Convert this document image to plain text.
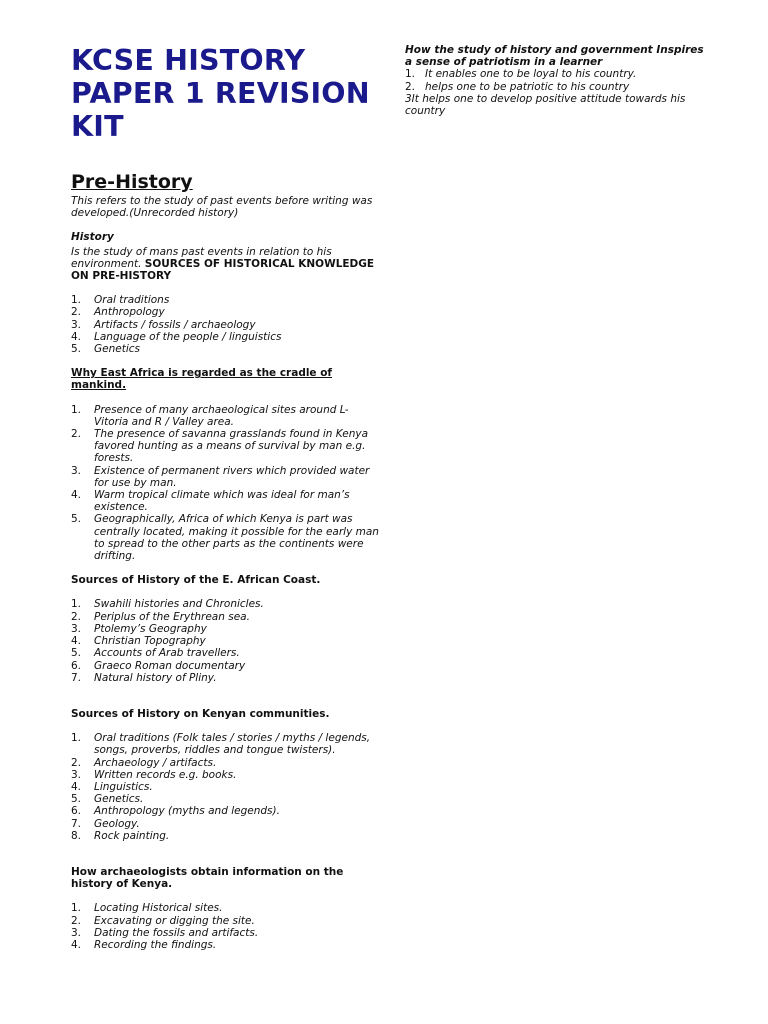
KCSE HISTORY
PAPER 1 REVISION
KIT
Pre-History

This refers to the study of past events before writing was developed.(Unrecorded history)

History

Is the study of mans past events in relation to his environment. SOURCES OF HISTORICAL KNOWLEDGE ON PRE-HISTORY

1. Oral traditions
2. Anthropology
3. Artifacts / fossils / archaeology
4. Language of the people / linguistics
5. Genetics

Why East Africa is regarded as the cradle of mankind.

1. Presence of many archaeological sites around L- Vitoria and R / Valley area.
2. The presence of savanna grasslands found in Kenya favored hunting as a means of survival by man e.g. forests.
3. Existence of permanent rivers which provided water for use by man.
4. Warm tropical climate which was ideal for man’s existence.
5. Geographically, Africa of which Kenya is part was centrally located, making it possible for the early man to spread to the other parts as the continents were drifting.

Sources of History of the E. African Coast.

1. Swahili histories and Chronicles.
2. Periplus of the Erythrean sea.
3. Ptolemy’s Geography
4. Christian Topography
5. Accounts of Arab travellers.
6. Graeco Roman documentary
7. Natural history of Pliny.

Sources of History on Kenyan communities.

1. Oral traditions (Folk tales / stories / myths / legends, songs, proverbs, riddles and tongue twisters).
2. Archaeology / artifacts.
3. Written records e.g. books.
4. Linguistics.
5. Genetics.
6. Anthropology (myths and legends).
7. Geology.
8. Rock painting.

How archaeologists obtain information on the history of Kenya.

1. Locating Historical sites.
2. Excavating or digging the site.
3. Dating the fossils and artifacts.
4. Recording the findings.

How the study of history and government Inspires a sense of patriotism in a learner

1. It enables one to be loyal to his country.

2. helps one to be patriotic to his country

3It helps one to develop positive attitude towards his country
